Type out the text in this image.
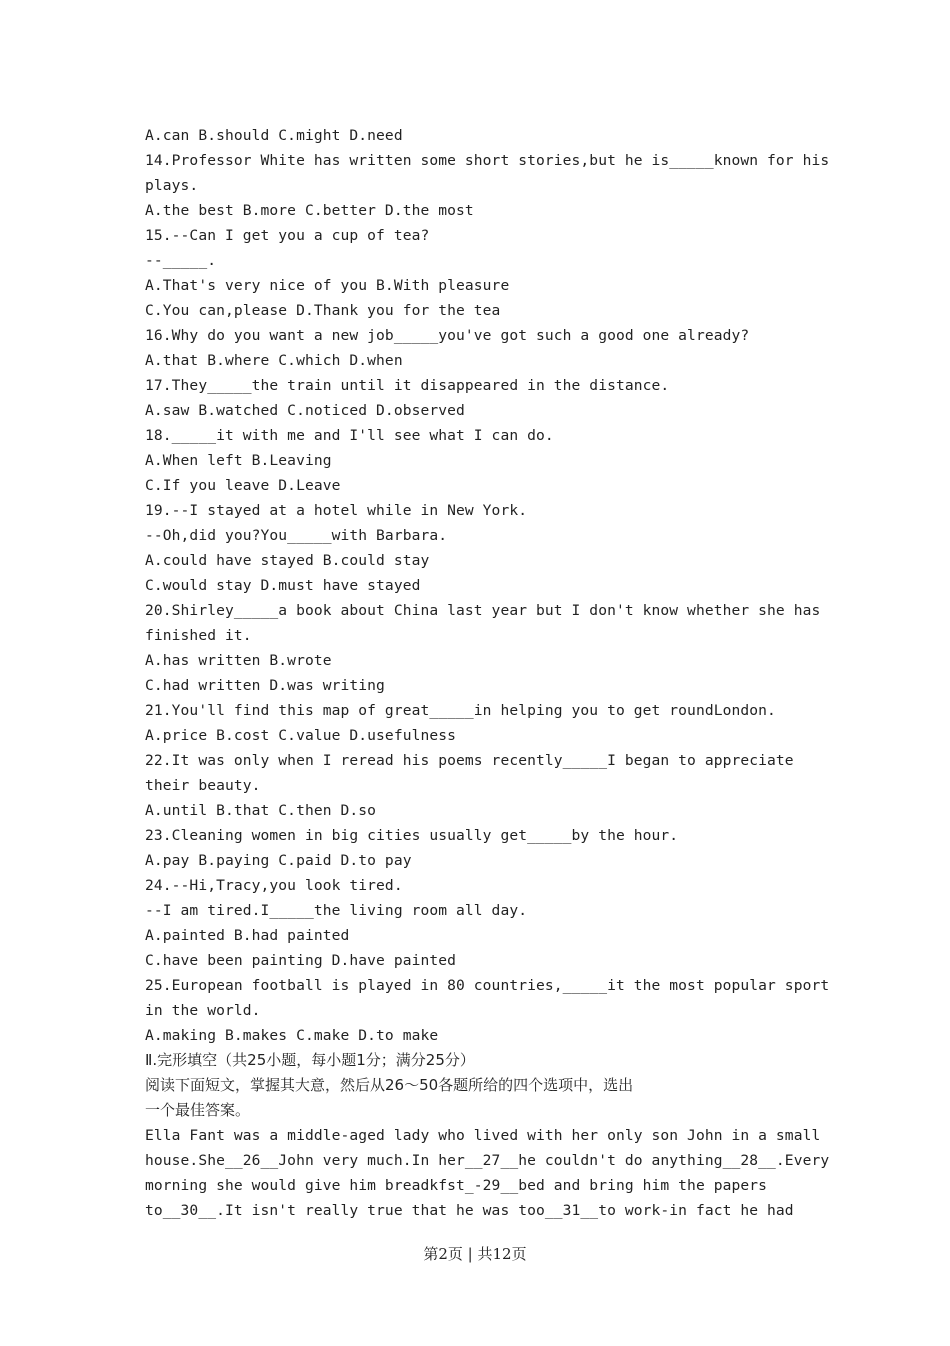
A.can B.should C.might D.need
14.Professor White has written some short stories,but he is_____known for his
plays.
A.the best B.more C.better D.the most
15.--Can I get you a cup of tea?
--_____.
A.That's very nice of you B.With pleasure
C.You can,please D.Thank you for the tea
16.Why do you want a new job_____you've got such a good one already?
A.that B.where C.which D.when
17.They_____the train until it disappeared in the distance.
A.saw B.watched C.noticed D.observed
18._____it with me and I'll see what I can do.
A.When left B.Leaving
C.If you leave D.Leave
19.--I stayed at a hotel while in New York.
--Oh,did you?You_____with Barbara.
A.could have stayed B.could stay
C.would stay D.must have stayed
20.Shirley_____a book about China last year but I don't know whether she has
finished it.
A.has written B.wrote
C.had written D.was writing
21.You'll find this map of great_____in helping you to get roundLondon.
A.price B.cost C.value D.usefulness
22.It was only when I reread his poems recently_____I began to appreciate
their beauty.
A.until B.that C.then D.so
23.Cleaning women in big cities usually get_____by the hour.
A.pay B.paying C.paid D.to pay
24.--Hi,Tracy,you look tired.
--I am tired.I_____the living room all day.
A.painted B.had painted
C.have been painting D.have painted
25.European football is played in 80 countries,_____it the most popular sport
in the world.
A.making B.makes C.make D.to make
Ⅱ.完形填空（共25小题，每小题1分；满分25分）
阅读下面短文，掌握其大意，然后从26～50各题所给的四个选项中，选出
一个最佳答案。
Ella Fant was a middle-aged lady who lived with her only son John in a small
house.She__26__John very much.In her__27__he couldn't do anything__28__.Every
morning she would give him breadkfst_-29__bed and bring him the papers
to__30__.It isn't really true that he was too__31__to work-in fact he had
第2页 | 共12页
